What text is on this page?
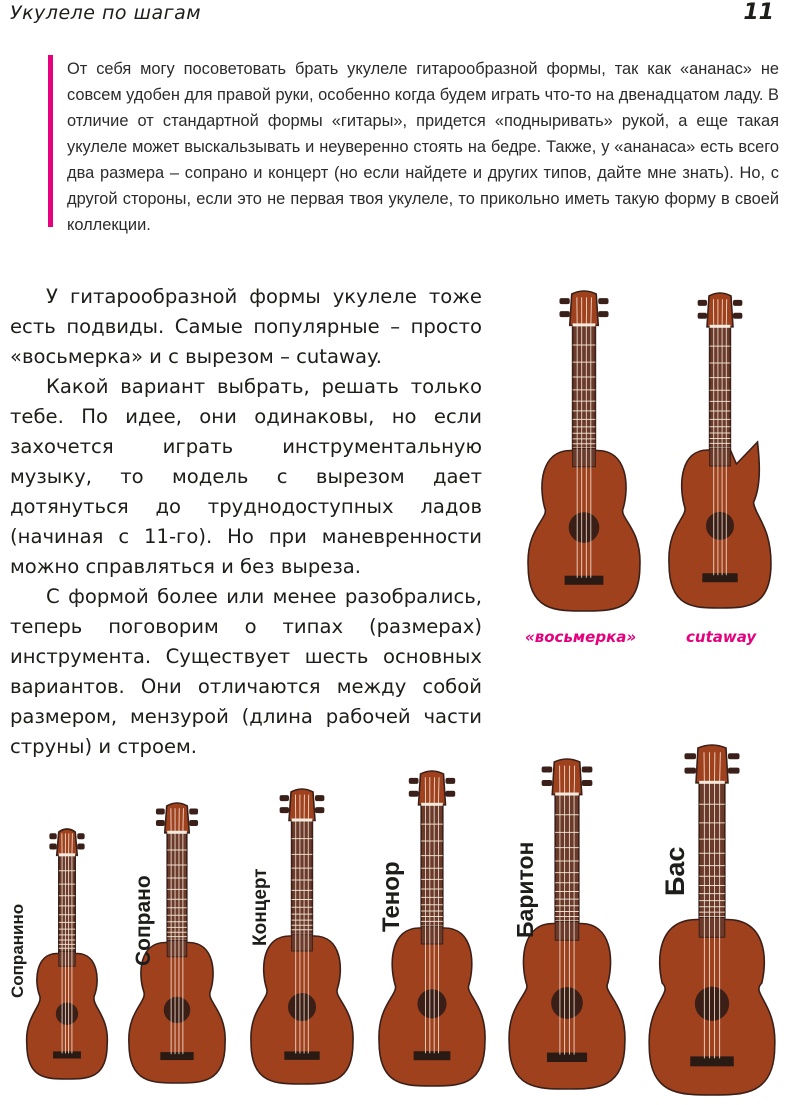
Укулеле по шагам	11
От себя могу посоветовать брать укулеле гитарообразной формы, так как «ананас» не совсем удобен для правой руки, особенно когда будем играть что-то на двенадцатом ладу. В отличие от стандартной формы «гитары», придется «подныривать» рукой, а еще такая укулеле может выскальзывать и неуверенно стоять на бедре. Также, у «ананаса» есть всего два размера – сопрано и концерт (но если найдете и других типов, дайте мне знать). Но, с другой стороны, если это не первая твоя укулеле, то прикольно иметь такую форму в своей коллекции.

У гитарообразной формы укулеле тоже есть подвиды. Самые популярные – просто «восьмерка» и с вырезом – cutaway.

Какой вариант выбрать, решать только тебе. По идее, они одинаковы, но если захочется играть инструментальную музыку, то модель с вырезом дает дотянуться до труднодоступных ладов (начиная с 11-го). Но при маневренности можно справляться и без выреза.

С формой более или менее разобрались, теперь поговорим о типах (размерах) инструмента. Существует шесть основных вариантов. Они отличаются между собой размером, мензурой (длина рабочей части струны) и строем.

«восьмерка»	cutaway
Сопранино	Сопрано	Концерт	Тенор	Баритон	Бас
